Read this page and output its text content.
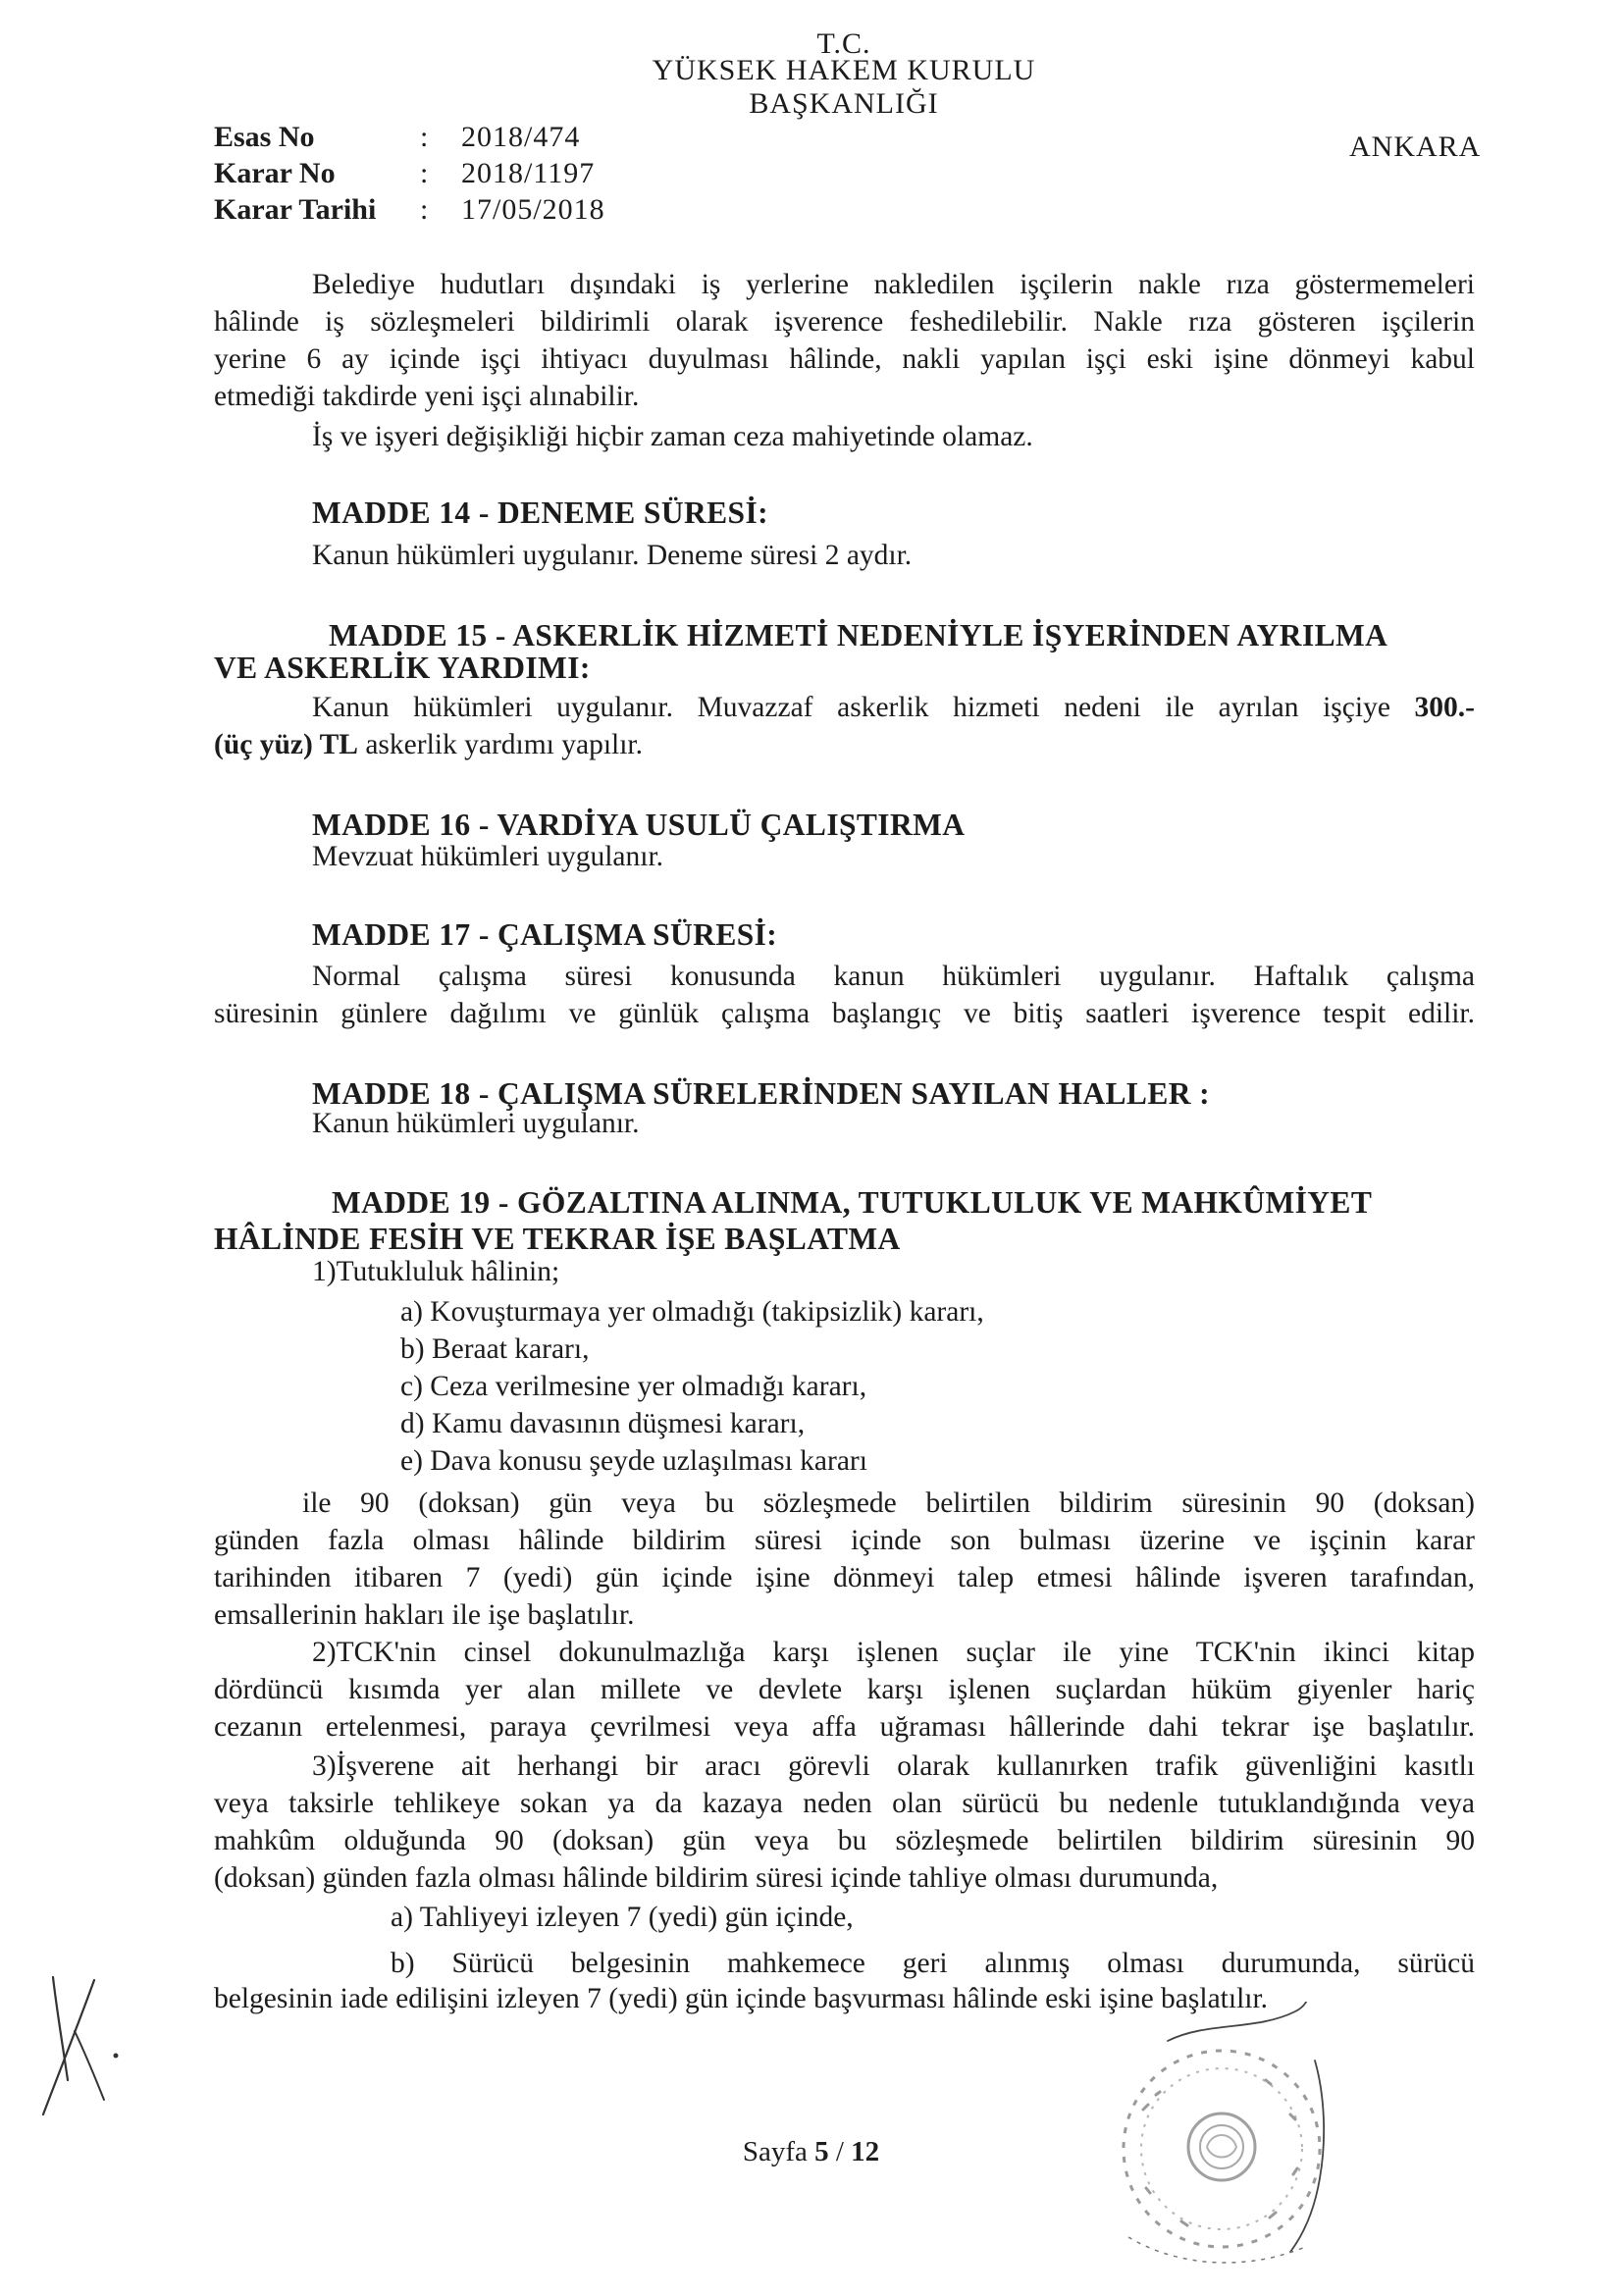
T.C.
YÜKSEK HAKEM KURULU
BAŞKANLIĞI
Esas No	: 2018/474
Karar No	: 2018/1197
Karar Tarihi : 17/05/2018
ANKARA
Belediye hudutları dışındaki iş yerlerine nakledilen işçilerin nakle rıza göstermemeleri
hâlinde iş sözleşmeleri bildirimli olarak işverence feshedilebilir. Nakle rıza gösteren işçilerin
yerine 6 ay içinde işçi ihtiyacı duyulması hâlinde, nakli yapılan işçi eski işine dönmeyi kabul
etmediği takdirde yeni işçi alınabilir.
İş ve işyeri değişikliği hiçbir zaman ceza mahiyetinde olamaz.
MADDE 14 - DENEME SÜRESİ:
Kanun hükümleri uygulanır. Deneme süresi 2 aydır.
MADDE 15 - ASKERLİK HİZMETİ NEDENİYLE İŞYERİNDEN AYRILMA
VE ASKERLİK YARDIMI:
Kanun hükümleri uygulanır. Muvazzaf askerlik hizmeti nedeni ile ayrılan işçiye 300.-
(üç yüz) TL askerlik yardımı yapılır.
MADDE 16 - VARDİYA USULÜ ÇALIŞTIRMA
Mevzuat hükümleri uygulanır.
MADDE 17 - ÇALIŞMA SÜRESİ:
Normal çalışma süresi konusunda kanun hükümleri uygulanır. Haftalık çalışma
süresinin günlere dağılımı ve günlük çalışma başlangıç ve bitiş saatleri işverence tespit edilir.
MADDE 18 - ÇALIŞMA SÜRELERİNDEN SAYILAN HALLER :
Kanun hükümleri uygulanır.
MADDE 19 - GÖZALTINA ALINMA, TUTUKLULUK VE MAHKÛMİYET
HÂLİNDE FESİH VE TEKRAR İŞE BAŞLATMA
1)Tutukluluk hâlinin;
a) Kovuşturmaya yer olmadığı (takipsizlik) kararı,
b) Beraat kararı,
c) Ceza verilmesine yer olmadığı kararı,
d) Kamu davasının düşmesi kararı,
e) Dava konusu şeyde uzlaşılması kararı
ile 90 (doksan) gün veya bu sözleşmede belirtilen bildirim süresinin 90 (doksan)
günden fazla olması hâlinde bildirim süresi içinde son bulması üzerine ve işçinin karar
tarihinden itibaren 7 (yedi) gün içinde işine dönmeyi talep etmesi hâlinde işveren tarafından,
emsallerinin hakları ile işe başlatılır.
2)TCK'nin cinsel dokunulmazlığa karşı işlenen suçlar ile yine TCK'nin ikinci kitap
dördüncü kısımda yer alan millete ve devlete karşı işlenen suçlardan hüküm giyenler hariç
cezanın ertelenmesi, paraya çevrilmesi veya affa uğraması hâllerinde dahi tekrar işe başlatılır.
3)İşverene ait herhangi bir aracı görevli olarak kullanırken trafik güvenliğini kasıtlı
veya taksirle tehlikeye sokan ya da kazaya neden olan sürücü bu nedenle tutuklandığında veya
mahkûm olduğunda 90 (doksan) gün veya bu sözleşmede belirtilen bildirim süresinin 90
(doksan) günden fazla olması hâlinde bildirim süresi içinde tahliye olması durumunda,
a) Tahliyeyi izleyen 7 (yedi) gün içinde,
b) Sürücü belgesinin mahkemece geri alınmış olması durumunda, sürücü
belgesinin iade edilişini izleyen 7 (yedi) gün içinde başvurması hâlinde eski işine başlatılır.
Sayfa 5 / 12
